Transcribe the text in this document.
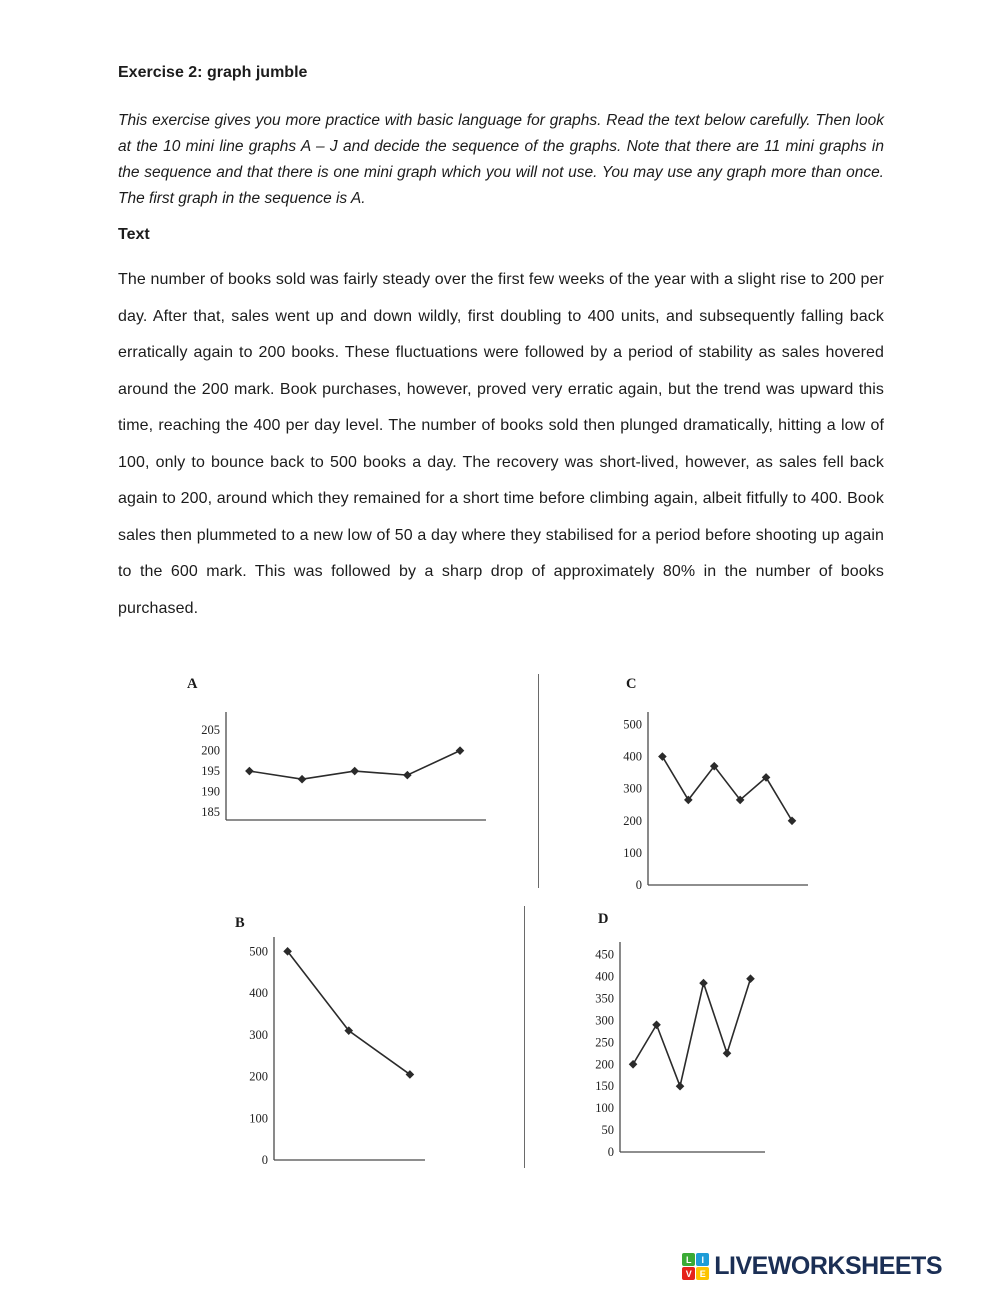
Exercise 2: graph jumble

This exercise gives you more practice with basic language for graphs. Read the text below carefully. Then look at the 10 mini line graphs A – J and decide the sequence of the graphs. Note that there are 11 mini graphs in the sequence and that there is one mini graph which you will not use. You may use any graph more than once. The first graph in the sequence is A.

Text

The number of books sold was fairly steady over the first few weeks of the year with a slight rise to 200 per day. After that, sales went up and down wildly, first doubling to 400 units, and subsequently falling back erratically again to 200 books. These fluctuations were followed by a period of stability as sales hovered around the 200 mark. Book purchases, however, proved very erratic again, but the trend was upward this time, reaching the 400 per day level. The number of books sold then plunged dramatically, hitting a low of 100, only to bounce back to 500 books a day. The recovery was short-lived, however, as sales fell back again to 200, around which they remained for a short time before climbing again, albeit fitfully to 400. Book sales then plummeted to a new low of 50 a day where they stabilised for a period before shooting up again to the 600 mark. This was followed by a sharp drop of approximately 80% in the number of books purchased.

A
205
200
195
190
185
C
500
400
300
200
100
0
B
500
400
300
200
100
0
D
450
400
350
300
250
200
150
100
50
0
L	I
V E LIVEWORKSHEETS
